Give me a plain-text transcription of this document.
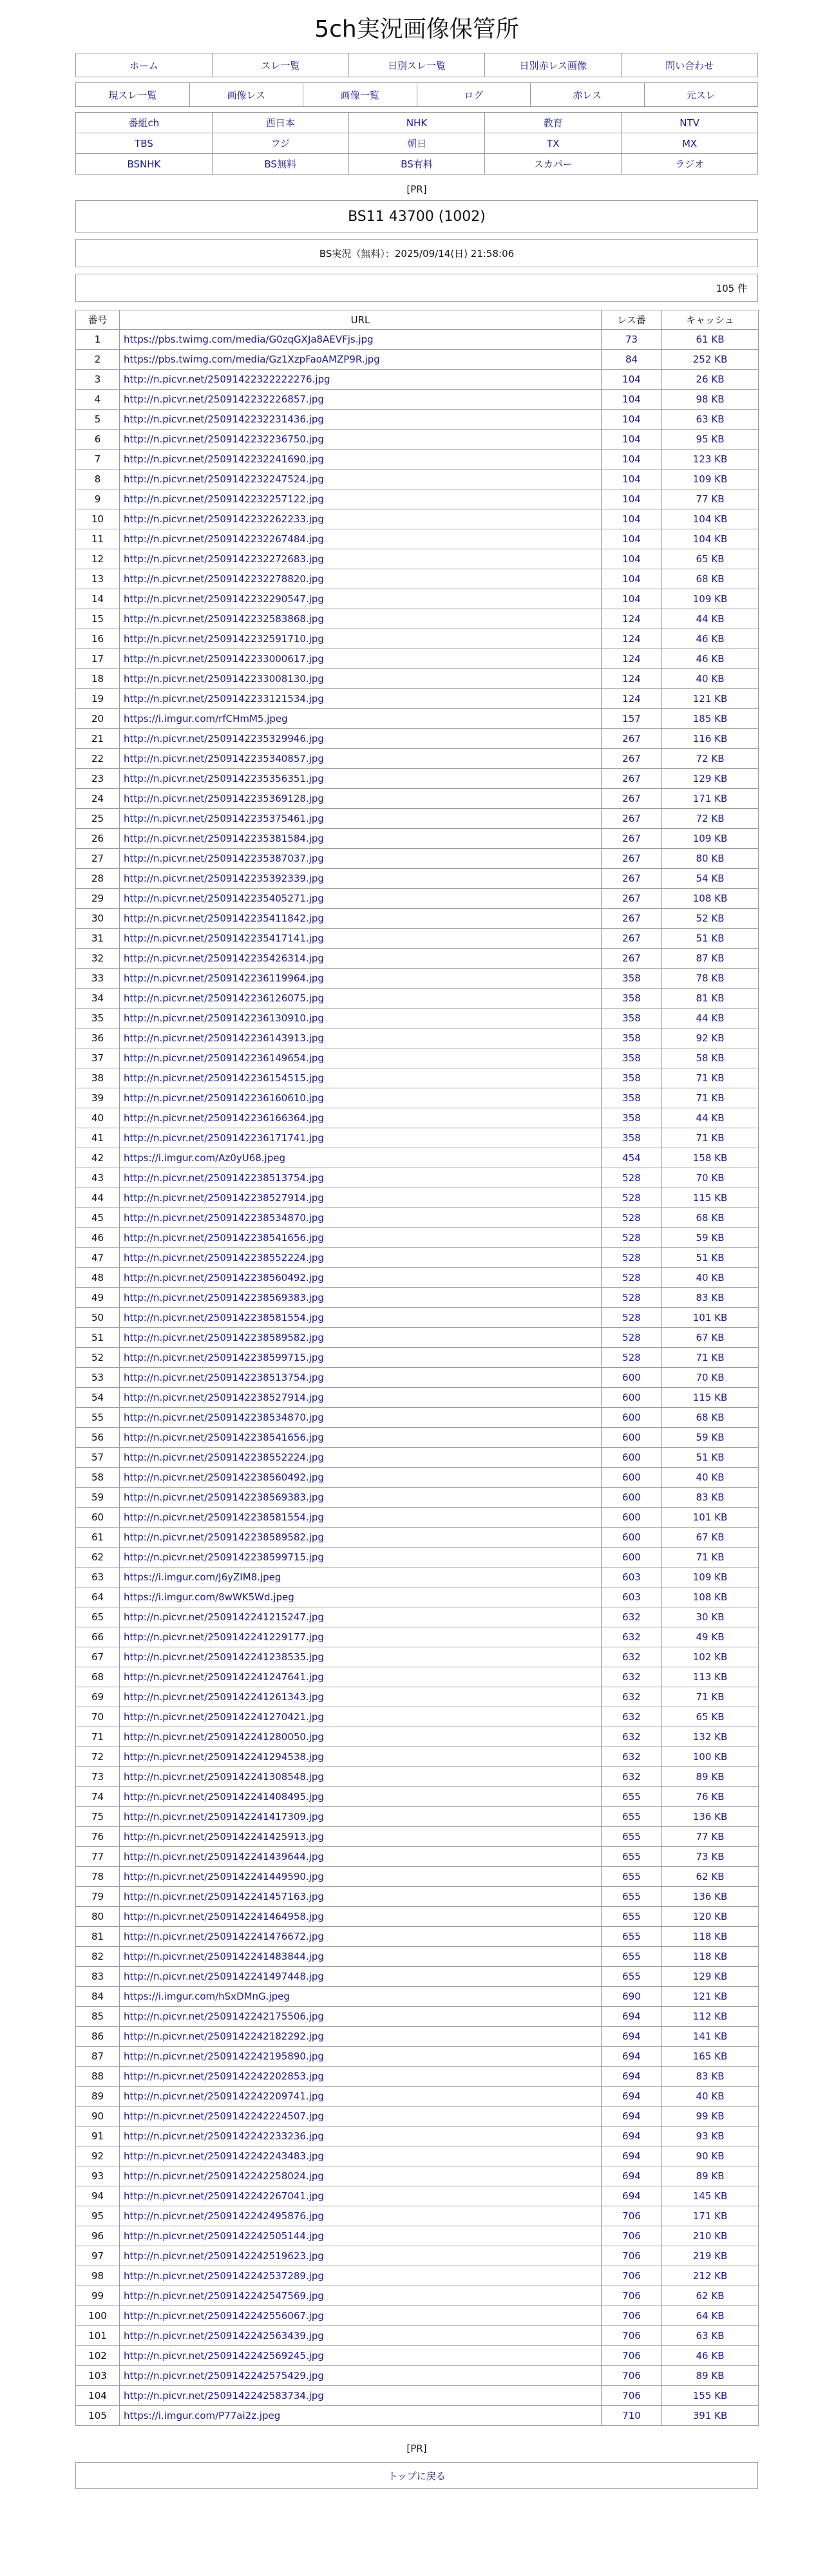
5ch実況画像保管所
ホーム	スレ一覧	日別スレ一覧	日別赤レス画像	問い合わせ
現スレ一覧	画像レス	画像一覧	ログ	赤レス	元スレ
番組ch	西日本	NHK	教育	NTV
TBS	フジ	朝日	TX	MX
BSNHK	BS無料	BS有料	スカパー	ラジオ
[PR]
BS11 43700 (1002)
BS実況（無料）：2025/09/14(日) 21:58:06
105 件
番号	URL	レス番	キャッシュ
1	https://pbs.twimg.com/media/G0zqGXJa8AEVFjs.jpg	73	61 KB
2	https://pbs.twimg.com/media/Gz1XzpFaoAMZP9R.jpg	84	252 KB
3	http://n.picvr.net/25091422322222276.jpg	104	26 KB
4	http://n.picvr.net/2509142232226857.jpg	104	98 KB
5	http://n.picvr.net/2509142232231436.jpg	104	63 KB
6	http://n.picvr.net/2509142232236750.jpg	104	95 KB
7	http://n.picvr.net/2509142232241690.jpg	104	123 KB
8	http://n.picvr.net/2509142232247524.jpg	104	109 KB
9	http://n.picvr.net/2509142232257122.jpg	104	77 KB
10	http://n.picvr.net/2509142232262233.jpg	104	104 KB
11	http://n.picvr.net/2509142232267484.jpg	104	104 KB
12	http://n.picvr.net/2509142232272683.jpg	104	65 KB
13	http://n.picvr.net/2509142232278820.jpg	104	68 KB
14	http://n.picvr.net/2509142232290547.jpg	104	109 KB
15	http://n.picvr.net/2509142232583868.jpg	124	44 KB
16	http://n.picvr.net/2509142232591710.jpg	124	46 KB
17	http://n.picvr.net/2509142233000617.jpg	124	46 KB
18	http://n.picvr.net/2509142233008130.jpg	124	40 KB
19	http://n.picvr.net/2509142233121534.jpg	124	121 KB
20	https://i.imgur.com/rfCHmM5.jpeg	157	185 KB
21	http://n.picvr.net/2509142235329946.jpg	267	116 KB
22	http://n.picvr.net/2509142235340857.jpg	267	72 KB
23	http://n.picvr.net/2509142235356351.jpg	267	129 KB
24	http://n.picvr.net/2509142235369128.jpg	267	171 KB
25	http://n.picvr.net/2509142235375461.jpg	267	72 KB
26	http://n.picvr.net/2509142235381584.jpg	267	109 KB
27	http://n.picvr.net/2509142235387037.jpg	267	80 KB
28	http://n.picvr.net/2509142235392339.jpg	267	54 KB
29	http://n.picvr.net/2509142235405271.jpg	267	108 KB
30	http://n.picvr.net/2509142235411842.jpg	267	52 KB
31	http://n.picvr.net/2509142235417141.jpg	267	51 KB
32	http://n.picvr.net/2509142235426314.jpg	267	87 KB
33	http://n.picvr.net/2509142236119964.jpg	358	78 KB
34	http://n.picvr.net/2509142236126075.jpg	358	81 KB
35	http://n.picvr.net/2509142236130910.jpg	358	44 KB
36	http://n.picvr.net/2509142236143913.jpg	358	92 KB
37	http://n.picvr.net/2509142236149654.jpg	358	58 KB
38	http://n.picvr.net/2509142236154515.jpg	358	71 KB
39	http://n.picvr.net/2509142236160610.jpg	358	71 KB
40	http://n.picvr.net/2509142236166364.jpg	358	44 KB
41	http://n.picvr.net/2509142236171741.jpg	358	71 KB
42	https://i.imgur.com/Az0yU68.jpeg	454	158 KB
43	http://n.picvr.net/2509142238513754.jpg	528	70 KB
44	http://n.picvr.net/2509142238527914.jpg	528	115 KB
45	http://n.picvr.net/2509142238534870.jpg	528	68 KB
46	http://n.picvr.net/2509142238541656.jpg	528	59 KB
47	http://n.picvr.net/2509142238552224.jpg	528	51 KB
48	http://n.picvr.net/2509142238560492.jpg	528	40 KB
49	http://n.picvr.net/2509142238569383.jpg	528	83 KB
50	http://n.picvr.net/2509142238581554.jpg	528	101 KB
51	http://n.picvr.net/2509142238589582.jpg	528	67 KB
52	http://n.picvr.net/2509142238599715.jpg	528	71 KB
53	http://n.picvr.net/2509142238513754.jpg	600	70 KB
54	http://n.picvr.net/2509142238527914.jpg	600	115 KB
55	http://n.picvr.net/2509142238534870.jpg	600	68 KB
56	http://n.picvr.net/2509142238541656.jpg	600	59 KB
57	http://n.picvr.net/2509142238552224.jpg	600	51 KB
58	http://n.picvr.net/2509142238560492.jpg	600	40 KB
59	http://n.picvr.net/2509142238569383.jpg	600	83 KB
60	http://n.picvr.net/2509142238581554.jpg	600	101 KB
61	http://n.picvr.net/2509142238589582.jpg	600	67 KB
62	http://n.picvr.net/2509142238599715.jpg	600	71 KB
63	https://i.imgur.com/J6yZIM8.jpeg	603	109 KB
64	https://i.imgur.com/8wWK5Wd.jpeg	603	108 KB
65	http://n.picvr.net/2509142241215247.jpg	632	30 KB
66	http://n.picvr.net/2509142241229177.jpg	632	49 KB
67	http://n.picvr.net/2509142241238535.jpg	632	102 KB
68	http://n.picvr.net/2509142241247641.jpg	632	113 KB
69	http://n.picvr.net/2509142241261343.jpg	632	71 KB
70	http://n.picvr.net/2509142241270421.jpg	632	65 KB
71	http://n.picvr.net/2509142241280050.jpg	632	132 KB
72	http://n.picvr.net/2509142241294538.jpg	632	100 KB
73	http://n.picvr.net/2509142241308548.jpg	632	89 KB
74	http://n.picvr.net/2509142241408495.jpg	655	76 KB
75	http://n.picvr.net/2509142241417309.jpg	655	136 KB
76	http://n.picvr.net/2509142241425913.jpg	655	77 KB
77	http://n.picvr.net/2509142241439644.jpg	655	73 KB
78	http://n.picvr.net/2509142241449590.jpg	655	62 KB
79	http://n.picvr.net/2509142241457163.jpg	655	136 KB
80	http://n.picvr.net/2509142241464958.jpg	655	120 KB
81	http://n.picvr.net/2509142241476672.jpg	655	118 KB
82	http://n.picvr.net/2509142241483844.jpg	655	118 KB
83	http://n.picvr.net/2509142241497448.jpg	655	129 KB
84	https://i.imgur.com/hSxDMnG.jpeg	690	121 KB
85	http://n.picvr.net/2509142242175506.jpg	694	112 KB
86	http://n.picvr.net/2509142242182292.jpg	694	141 KB
87	http://n.picvr.net/2509142242195890.jpg	694	165 KB
88	http://n.picvr.net/2509142242202853.jpg	694	83 KB
89	http://n.picvr.net/2509142242209741.jpg	694	40 KB
90	http://n.picvr.net/2509142242224507.jpg	694	99 KB
91	http://n.picvr.net/2509142242233236.jpg	694	93 KB
92	http://n.picvr.net/2509142242243483.jpg	694	90 KB
93	http://n.picvr.net/2509142242258024.jpg	694	89 KB
94	http://n.picvr.net/2509142242267041.jpg	694	145 KB
95	http://n.picvr.net/2509142242495876.jpg	706	171 KB
96	http://n.picvr.net/2509142242505144.jpg	706	210 KB
97	http://n.picvr.net/2509142242519623.jpg	706	219 KB
98	http://n.picvr.net/2509142242537289.jpg	706	212 KB
99	http://n.picvr.net/2509142242547569.jpg	706	62 KB
100	http://n.picvr.net/2509142242556067.jpg	706	64 KB
101	http://n.picvr.net/2509142242563439.jpg	706	63 KB
102	http://n.picvr.net/2509142242569245.jpg	706	46 KB
103	http://n.picvr.net/2509142242575429.jpg	706	89 KB
104	http://n.picvr.net/2509142242583734.jpg	706	155 KB
105	https://i.imgur.com/P77ai2z.jpeg	710	391 KB
[PR]
トップに戻る
